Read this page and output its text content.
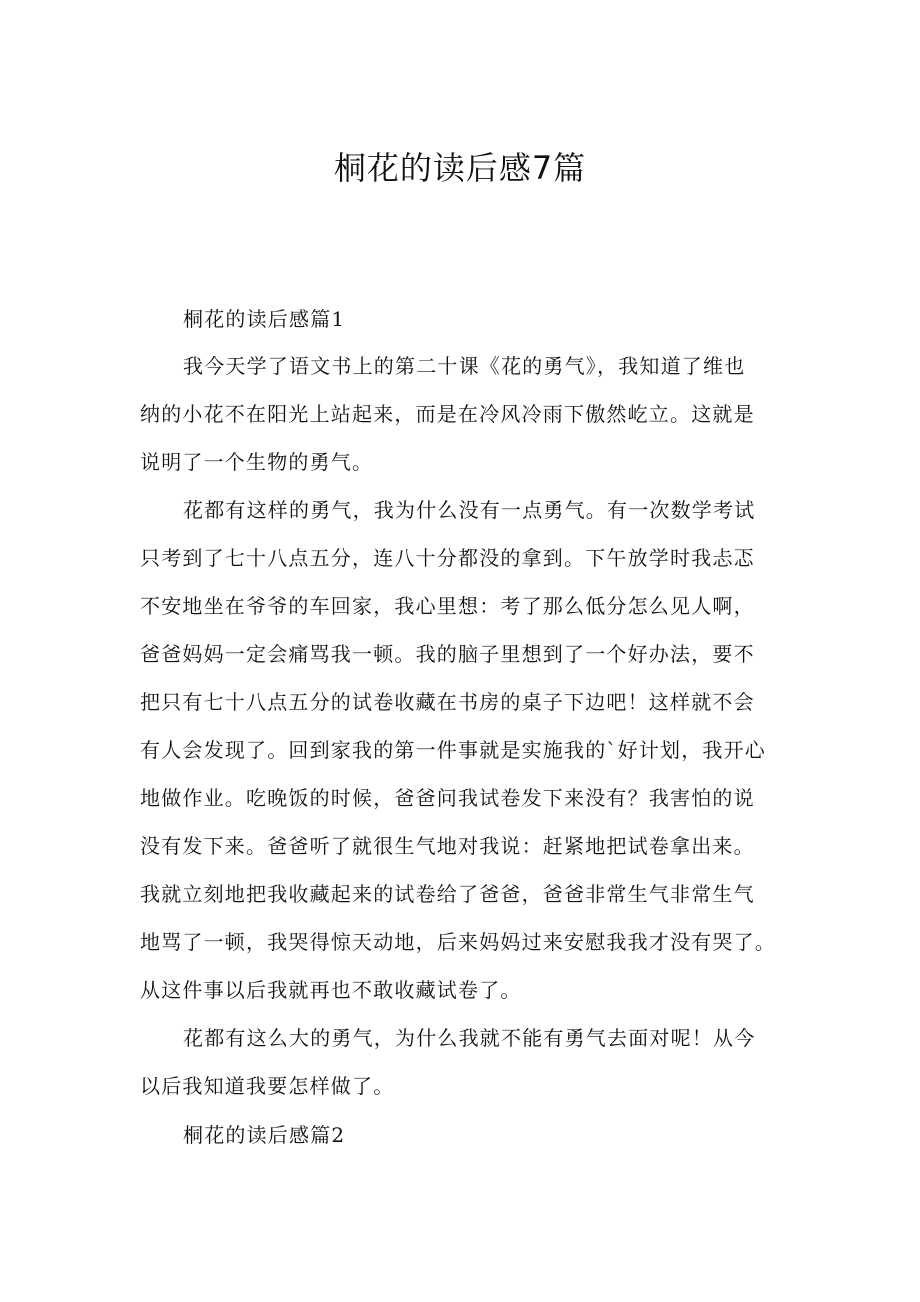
桐花的读后感7篇

桐花的读后感篇1

我今天学了语文书上的第二十课《花的勇气》，我知道了维也

纳的小花不在阳光上站起来，而是在冷风冷雨下傲然屹立。这就是

说明了一个生物的勇气。

花都有这样的勇气，我为什么没有一点勇气。有一次数学考试

只考到了七十八点五分，连八十分都没的拿到。下午放学时我忐忑

不安地坐在爷爷的车回家，我心里想：考了那么低分怎么见人啊，

爸爸妈妈一定会痛骂我一顿。我的脑子里想到了一个好办法，要不

把只有七十八点五分的试卷收藏在书房的桌子下边吧！这样就不会

有人会发现了。回到家我的第一件事就是实施我的`好计划，我开心

地做作业。吃晚饭的时候，爸爸问我试卷发下来没有？我害怕的说

没有发下来。爸爸听了就很生气地对我说：赶紧地把试卷拿出来。

我就立刻地把我收藏起来的试卷给了爸爸，爸爸非常生气非常生气

地骂了一顿，我哭得惊天动地，后来妈妈过来安慰我我才没有哭了。

从这件事以后我就再也不敢收藏试卷了。

花都有这么大的勇气，为什么我就不能有勇气去面对呢！从今

以后我知道我要怎样做了。

桐花的读后感篇2
